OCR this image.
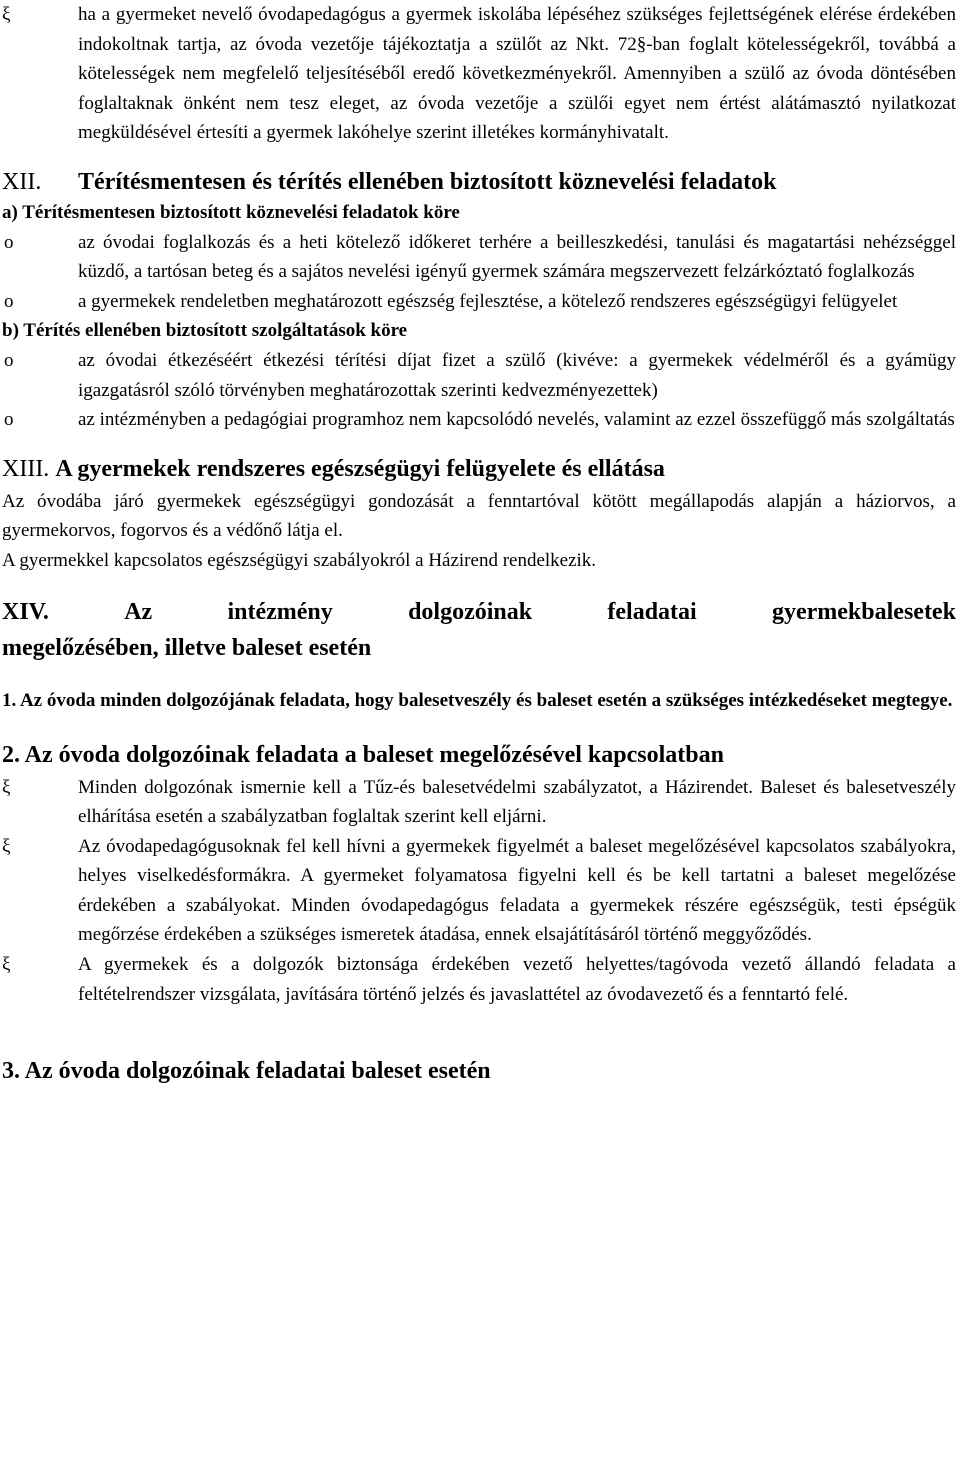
ξ	ha a gyermeket nevelő óvodapedagógus a gyermek iskolába lépéséhez szükséges fejlettségének elérése érdekében indokoltnak tartja, az óvoda vezetője tájékoztatja a szülőt az Nkt. 72§-ban foglalt kötelességekről, továbbá a kötelességek nem megfelelő teljesítéséből eredő következményekről. Amennyiben a szülő az óvoda döntésében foglaltaknak önként nem tesz eleget, az óvoda vezetője a szülői egyet nem értést alátámasztó nyilatkozat megküldésével értesíti a gyermek lakóhelye szerint illetékes kormányhivatalt.
XII.	Térítésmentesen és térítés ellenében biztosított köznevelési feladatok
a) Térítésmentesen biztosított köznevelési feladatok köre
o	az óvodai foglalkozás és a heti kötelező időkeret terhére a beilleszkedési, tanulási és magatartási nehézséggel küzdő, a tartósan beteg és a sajátos nevelési igényű gyermek számára megszervezett felzárkóztató foglalkozás
o	a gyermekek rendeletben meghatározott egészség fejlesztése, a kötelező rendszeres egészségügyi felügyelet
b) Térítés ellenében biztosított szolgáltatások köre
o	az óvodai étkezéséért étkezési térítési díjat fizet a szülő (kivéve: a gyermekek védelméről és a gyámügy igazgatásról szóló törvényben meghatározottak szerinti kedvezményezettek)
o	az intézményben a pedagógiai programhoz nem kapcsolódó nevelés, valamint az ezzel összefüggő más szolgáltatás
XIII. A gyermekek rendszeres egészségügyi felügyelete és ellátása
Az óvodába járó gyermekek egészségügyi gondozását a fenntartóval kötött megállapodás alapján a háziorvos, a gyermekorvos, fogorvos és a védőnő látja el.
A gyermekkel kapcsolatos egészségügyi szabályokról a Házirend rendelkezik.
XIV.	Az	intézmény	dolgozóinak	feladatai	gyermekbalesetek
megelőzésében, illetve baleset esetén
1. Az óvoda minden dolgozójának feladata, hogy balesetveszély és baleset esetén a szükséges intézkedéseket megtegye.
2. Az óvoda dolgozóinak feladata a baleset megelőzésével kapcsolatban
ξ	Minden dolgozónak ismernie kell a Tűz-és balesetvédelmi szabályzatot, a Házirendet. Baleset és balesetveszély elhárítása esetén a szabályzatban foglaltak szerint kell eljárni.
ξ	Az óvodapedagógusoknak fel kell hívni a gyermekek figyelmét a baleset megelőzésével kapcsolatos szabályokra, helyes viselkedésformákra. A gyermeket folyamatosa figyelni kell és be kell tartatni a baleset megelőzése érdekében a szabályokat. Minden óvodapedagógus feladata a gyermekek részére egészségük, testi épségük megőrzése érdekében a szükséges ismeretek átadása, ennek elsajátításáról történő meggyőződés.
ξ	A gyermekek és a dolgozók biztonsága érdekében vezető helyettes/tagóvoda vezető állandó feladata a feltételrendszer vizsgálata, javítására történő jelzés és javaslattétel az óvodavezető és a fenntartó felé.
3. Az óvoda dolgozóinak feladatai baleset esetén
